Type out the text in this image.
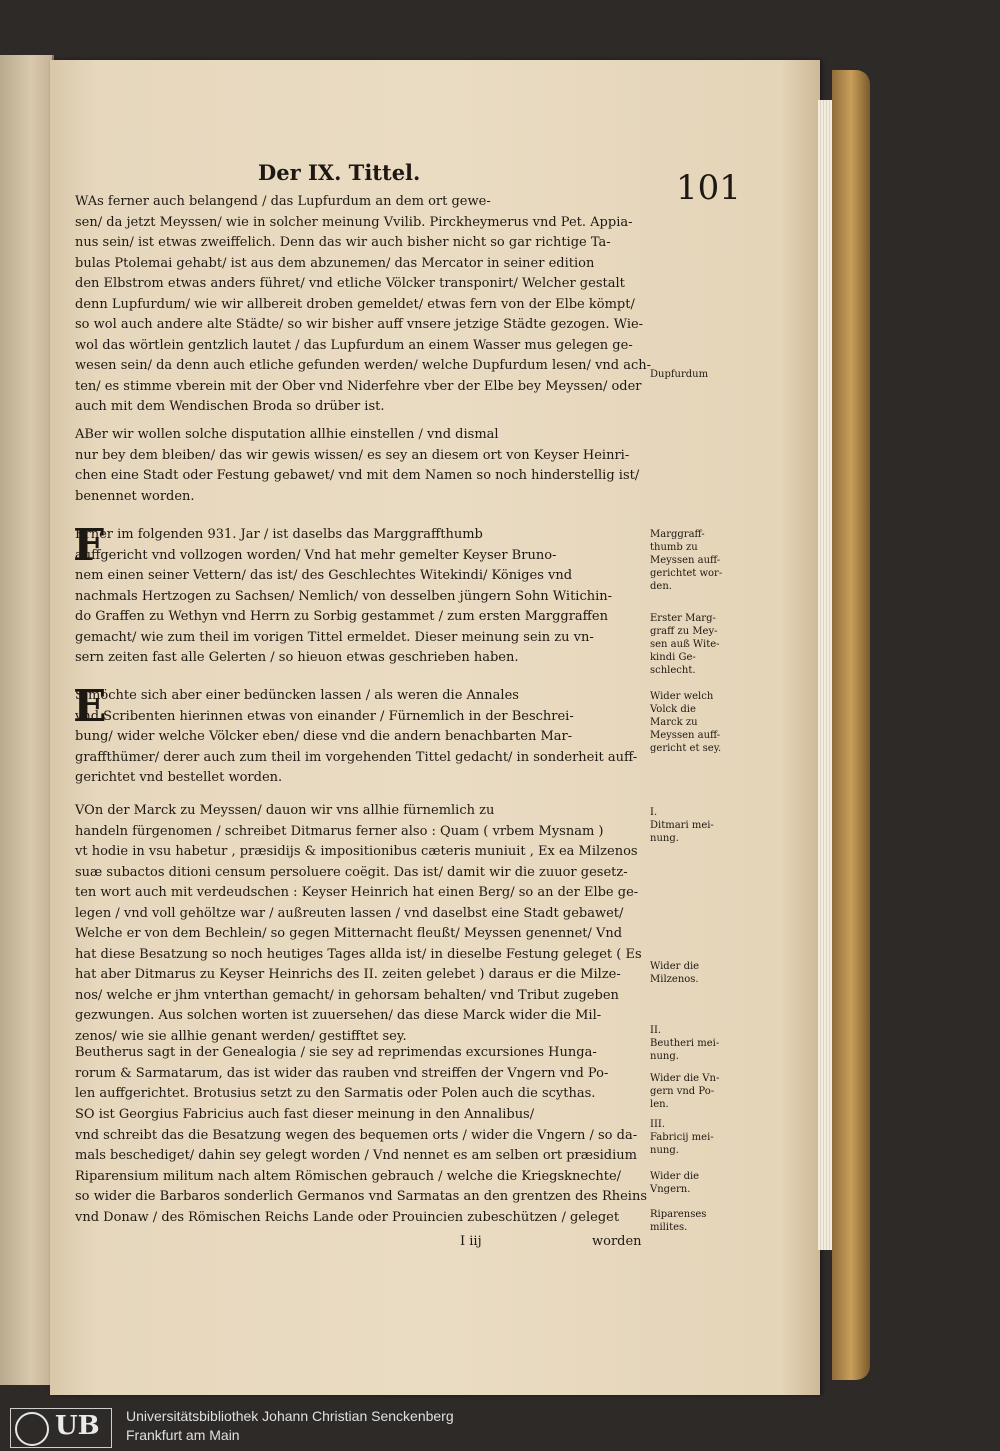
Der IX. Tittel.	101
F
E
WAs ferner auch belangend / das Lupfurdum an dem ort gewe-
sen/ da jetzt Meyssen/ wie in solcher meinung Vvilib. Pirckheymerus vnd Pet. Appia-
nus sein/ ist etwas zweiffelich. Denn das wir auch bisher nicht so gar richtige Ta-
bulas Ptolemai gehabt/ ist aus dem abzunemen/ das Mercator in seiner edition
den Elbstrom etwas anders führet/ vnd etliche Völcker transponirt/ Welcher gestalt
denn Lupfurdum/ wie wir allbereit droben gemeldet/ etwas fern von der Elbe kömpt/
so wol auch andere alte Städte/ so wir bisher auff vnsere jetzige Städte gezogen. Wie-
wol das wörtlein gentzlich lautet / das Lupfurdum an einem Wasser mus gelegen ge-
wesen sein/ da denn auch etliche gefunden werden/ welche Dupfurdum lesen/ vnd ach-
ten/ es stimme vberein mit der Ober vnd Niderfehre vber der Elbe bey Meyssen/ oder
auch mit dem Wendischen Broda so drüber ist.
ABer wir wollen solche disputation allhie einstellen / vnd dismal
nur bey dem bleiben/ das wir gewis wissen/ es sey an diesem ort von Keyser Heinri-
chen eine Stadt oder Festung gebawet/ vnd mit dem Namen so noch hinderstellig ist/
benennet worden.
Erner im folgenden 931. Jar / ist daselbs das Marggraffthumb
auffgericht vnd vollzogen worden/ Vnd hat mehr gemelter Keyser Bruno-
nem einen seiner Vettern/ das ist/ des Geschlechtes Witekindi/ Königes vnd
nachmals Hertzogen zu Sachsen/ Nemlich/ von desselben jüngern Sohn Witichin-
do Graffen zu Wethyn vnd Herrn zu Sorbig gestammet / zum ersten Marggraffen
gemacht/ wie zum theil im vorigen Tittel ermeldet. Dieser meinung sein zu vn-
sern zeiten fast alle Gelerten / so hieuon etwas geschrieben haben.
S möchte sich aber einer bedüncken lassen / als weren die Annales
vnd Scribenten hierinnen etwas von einander / Fürnemlich in der Beschrei-
bung/ wider welche Völcker eben/ diese vnd die andern benachbarten Mar-
graffthümer/ derer auch zum theil im vorgehenden Tittel gedacht/ in sonderheit auff-
gerichtet vnd bestellet worden.
VOn der Marck zu Meyssen/ dauon wir vns allhie fürnemlich zu
handeln fürgenomen / schreibet Ditmarus ferner also : Quam ( vrbem Mysnam )
vt hodie in vsu habetur , præsidijs & impositionibus cæteris muniuit , Ex ea Milzenos
suæ subactos ditioni censum persoluere coëgit. Das ist/ damit wir die zuuor gesetz-
ten wort auch mit verdeudschen : Keyser Heinrich hat einen Berg/ so an der Elbe ge-
legen / vnd voll gehöltze war / außreuten lassen / vnd daselbst eine Stadt gebawet/
Welche er von dem Bechlein/ so gegen Mitternacht fleußt/ Meyssen genennet/ Vnd
hat diese Besatzung so noch heutiges Tages allda ist/ in dieselbe Festung geleget ( Es
hat aber Ditmarus zu Keyser Heinrichs des II. zeiten gelebet ) daraus er die Milze-
nos/ welche er jhm vnterthan gemacht/ in gehorsam behalten/ vnd Tribut zugeben
gezwungen. Aus solchen worten ist zuuersehen/ das diese Marck wider die Mil-
zenos/ wie sie allhie genant werden/ gestifftet sey.
Beutherus sagt in der Genealogia / sie sey ad reprimendas excursiones Hunga-
rorum & Sarmatarum, das ist wider das rauben vnd streiffen der Vngern vnd Po-
len auffgerichtet. Brotusius setzt zu den Sarmatis oder Polen auch die scythas.
SO ist Georgius Fabricius auch fast dieser meinung in den Annalibus/
vnd schreibt das die Besatzung wegen des bequemen orts / wider die Vngern / so da-
mals beschediget/ dahin sey gelegt worden / Vnd nennet es am selben ort præsidium
Riparensium militum nach altem Römischen gebrauch / welche die Kriegsknechte/
so wider die Barbaros sonderlich Germanos vnd Sarmatas an den grentzen des Rheins
vnd Donaw / des Römischen Reichs Lande oder Prouincien zubeschützen / geleget
Dupfurdum
Marggraff-
thumb zu
Meyssen auff-
gerichtet wor-
den.
Erster Marg-
graff zu Mey-
sen auß Wite-
kindi Ge-
schlecht.
Wider welch
Volck die
Marck zu
Meyssen auff-
gericht et sey.
I.
Ditmari mei-
nung.
Wider die
Milzenos.
II.
Beutheri mei-
nung.
Wider die Vn-
gern vnd Po-
len.
III.
Fabricij mei-
nung.
Wider die
Vngern.
Riparenses
milites.
I iij	worden
UB Universitätsbibliothek Johann Christian Senckenberg
Frankfurt am Main
